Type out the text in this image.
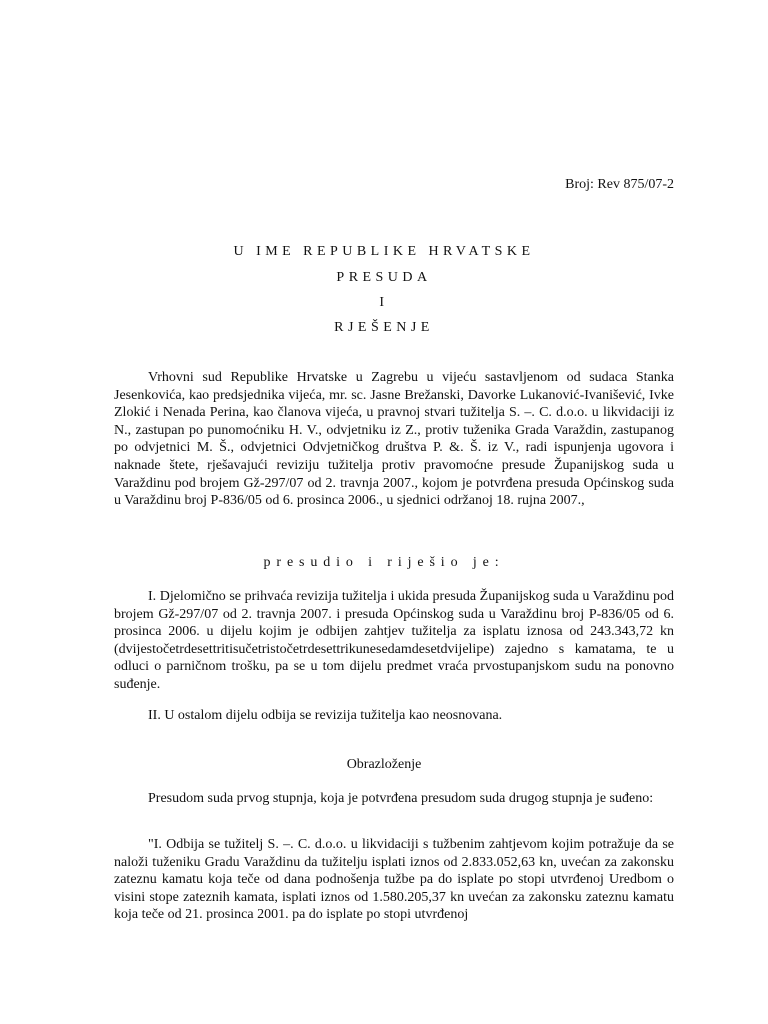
Broj: Rev 875/07-2
U IME REPUBLIKE HRVATSKE
PRESUDA
I
RJEŠENJE
Vrhovni sud Republike Hrvatske u Zagrebu u vijeću sastavljenom od sudaca Stanka Jesenkovića, kao predsjednika vijeća, mr. sc. Jasne Brežanski, Davorke Lukanović-Ivanišević, Ivke Zlokić i Nenada Perina, kao članova vijeća, u pravnoj stvari tužitelja S. –. C. d.o.o. u likvidaciji iz N., zastupan po punomoćniku H. V., odvjetniku iz Z., protiv tuženika Grada Varaždin, zastupanog po odvjetnici M. Š., odvjetnici Odvjetničkog društva P. &. Š. iz V., radi ispunjenja ugovora i naknade štete, rješavajući reviziju tužitelja protiv pravomoćne presude Županijskog suda u Varaždinu pod brojem Gž-297/07 od 2. travnja 2007., kojom je potvrđena presuda Općinskog suda u Varaždinu broj P-836/05 od 6. prosinca 2006., u sjednici održanoj 18. rujna 2007.,
presudio i riješio je:
I. Djelomično se prihvaća revizija tužitelja i ukida presuda Županijskog suda u Varaždinu pod brojem Gž-297/07 od 2. travnja 2007. i presuda Općinskog suda u Varaždinu broj P-836/05 od 6. prosinca 2006. u dijelu kojim je odbijen zahtjev tužitelja za isplatu iznosa od 243.343,72 kn (dvijestočetrdesettritisučetristočetrdesettrikunesedamdesetdvijelipe) zajedno s kamatama, te u odluci o parničnom trošku, pa se u tom dijelu predmet vraća prvostupanjskom sudu na ponovno suđenje.
II. U ostalom dijelu odbija se revizija tužitelja kao neosnovana.
Obrazloženje
Presudom suda prvog stupnja, koja je potvrđena presudom suda drugog stupnja je suđeno:
"I. Odbija se tužitelj S. –. C. d.o.o. u likvidaciji s tužbenim zahtjevom kojim potražuje da se naloži tuženiku Gradu Varaždinu da tužitelju isplati iznos od 2.833.052,63 kn, uvećan za zakonsku zateznu kamatu koja teče od dana podnošenja tužbe pa do isplate po stopi utvrđenoj Uredbom o visini stope zateznih kamata, isplati iznos od 1.580.205,37 kn uvećan za zakonsku zateznu kamatu koja teče od 21. prosinca 2001. pa do isplate po stopi utvrđenoj
